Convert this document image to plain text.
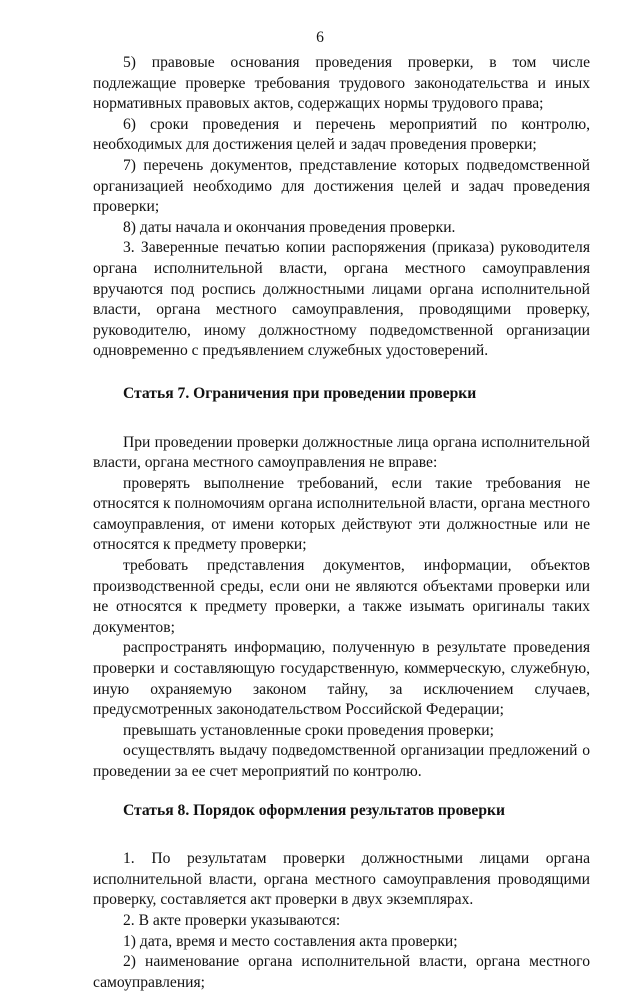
6

5) правовые основания проведения проверки, в том числе подлежащие проверке требования трудового законодательства и иных нормативных правовых актов, содержащих нормы трудового права;

6) сроки проведения и перечень мероприятий по контролю, необходимых для достижения целей и задач проведения проверки;

7) перечень документов, представление которых подведомственной организацией необходимо для достижения целей и задач проведения проверки;

8) даты начала и окончания проведения проверки.

3. Заверенные печатью копии распоряжения (приказа) руководителя органа исполнительной власти, органа местного самоуправления вручаются под роспись должностными лицами органа исполнительной власти, органа местного самоуправления, проводящими проверку, руководителю, иному должностному подведомственной организации одновременно с предъявлением служебных удостоверений.

Статья 7. Ограничения при проведении проверки

При проведении проверки должностные лица органа исполнительной власти, органа местного самоуправления не вправе:

проверять выполнение требований, если такие требования не относятся к полномочиям органа исполнительной власти, органа местного самоуправления, от имени которых действуют эти должностные или не относятся к предмету проверки;

требовать представления документов, информации, объектов производственной среды, если они не являются объектами проверки или не относятся к предмету проверки, а также изымать оригиналы таких документов;

распространять информацию, полученную в результате проведения проверки и составляющую государственную, коммерческую, служебную, иную охраняемую законом тайну, за исключением случаев, предусмотренных законодательством Российской Федерации;

превышать установленные сроки проведения проверки;

осуществлять выдачу подведомственной организации предложений о проведении за ее счет мероприятий по контролю.

Статья 8. Порядок оформления результатов проверки

1. По результатам проверки должностными лицами органа исполнительной власти, органа местного самоуправления проводящими проверку, составляется акт проверки в двух экземплярах.

2. В акте проверки указываются:

1) дата, время и место составления акта проверки;

2) наименование органа исполнительной власти, органа местного самоуправления;
